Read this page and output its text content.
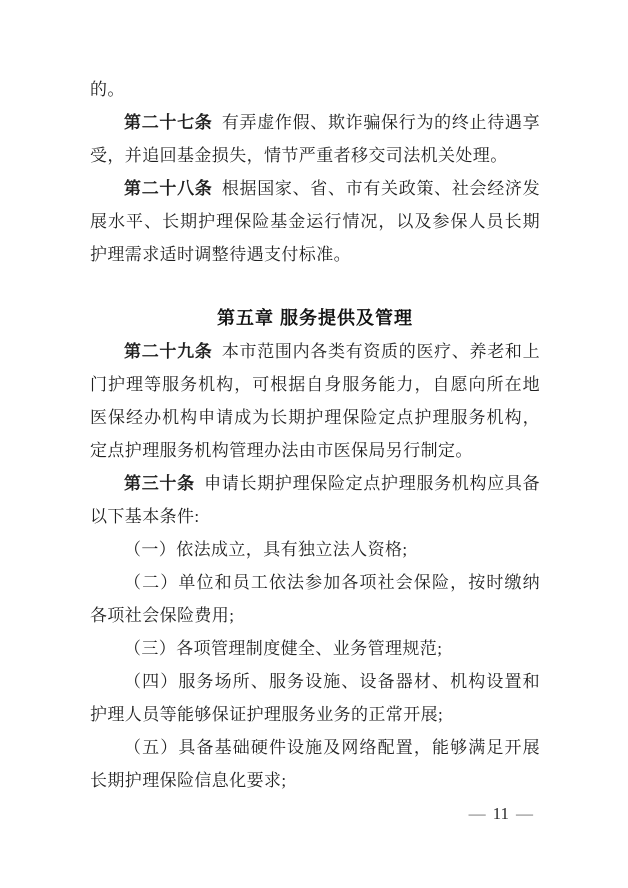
的。

第二十七条 有弄虚作假、欺诈骗保行为的终止待遇享受，并追回基金损失，情节严重者移交司法机关处理。

第二十八条 根据国家、省、市有关政策、社会经济发展水平、长期护理保险基金运行情况，以及参保人员长期护理需求适时调整待遇支付标准。

第五章 服务提供及管理

第二十九条 本市范围内各类有资质的医疗、养老和上门护理等服务机构，可根据自身服务能力，自愿向所在地医保经办机构申请成为长期护理保险定点护理服务机构，定点护理服务机构管理办法由市医保局另行制定。

第三十条 申请长期护理保险定点护理服务机构应具备以下基本条件:

（一）依法成立，具有独立法人资格;

（二）单位和员工依法参加各项社会保险，按时缴纳各项社会保险费用;

（三）各项管理制度健全、业务管理规范;

（四）服务场所、服务设施、设备器材、机构设置和护理人员等能够保证护理服务业务的正常开展;

（五）具备基础硬件设施及网络配置，能够满足开展长期护理保险信息化要求;

— 11 —
